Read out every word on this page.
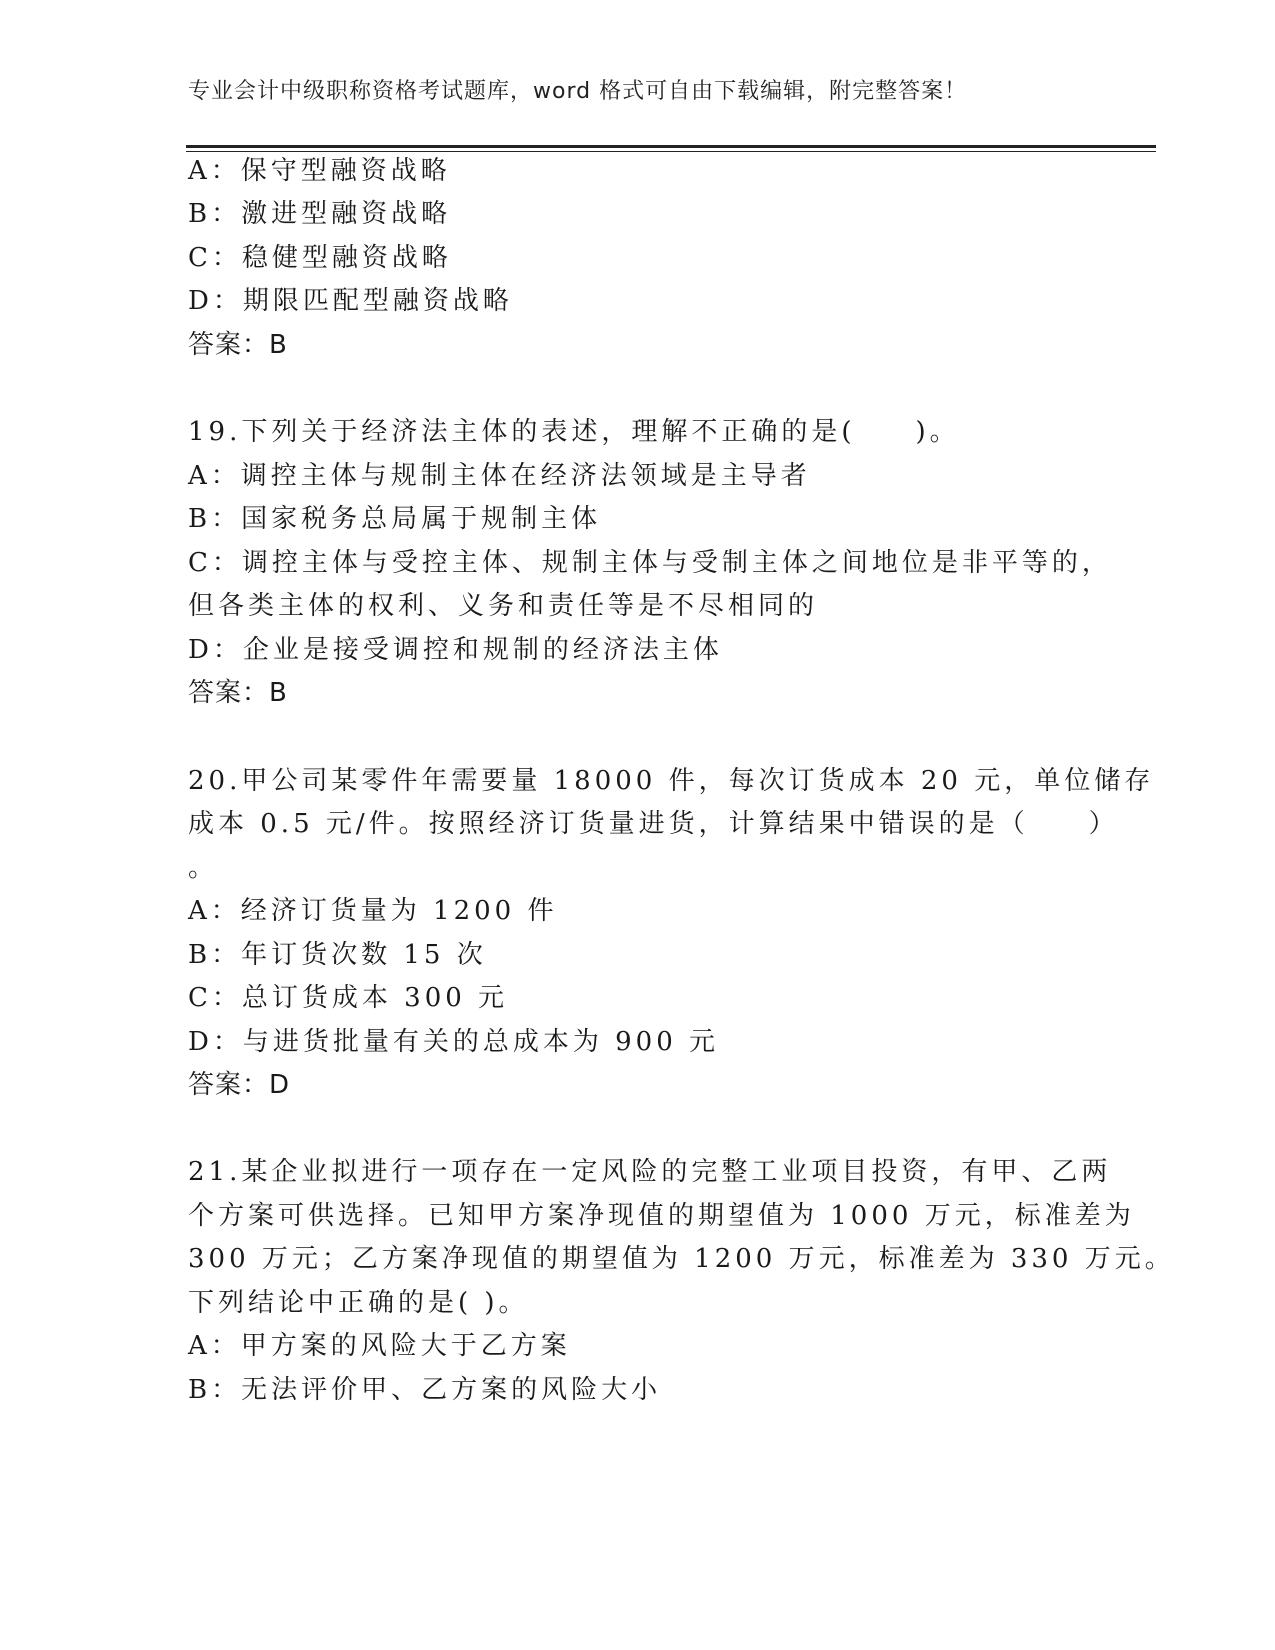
专业会计中级职称资格考试题库，word 格式可自由下载编辑，附完整答案！
A：保守型融资战略
B：激进型融资战略
C：稳健型融资战略
D：期限匹配型融资战略
答案：B
19.下列关于经济法主体的表述，理解不正确的是(　　)。
A：调控主体与规制主体在经济法领域是主导者
B：国家税务总局属于规制主体
C：调控主体与受控主体、规制主体与受制主体之间地位是非平等的，
但各类主体的权利、义务和责任等是不尽相同的
D：企业是接受调控和规制的经济法主体
答案：B
20.甲公司某零件年需要量 18000 件，每次订货成本 20 元，单位储存
成本 0.5 元/件。按照经济订货量进货，计算结果中错误的是（　　）
。
A：经济订货量为 1200 件
B：年订货次数 15 次
C：总订货成本 300 元
D：与进货批量有关的总成本为 900 元
答案：D
21.某企业拟进行一项存在一定风险的完整工业项目投资，有甲、乙两
个方案可供选择。已知甲方案净现值的期望值为 1000 万元，标准差为
300 万元；乙方案净现值的期望值为 1200 万元，标准差为 330 万元。
下列结论中正确的是( )。
A：甲方案的风险大于乙方案
B：无法评价甲、乙方案的风险大小
